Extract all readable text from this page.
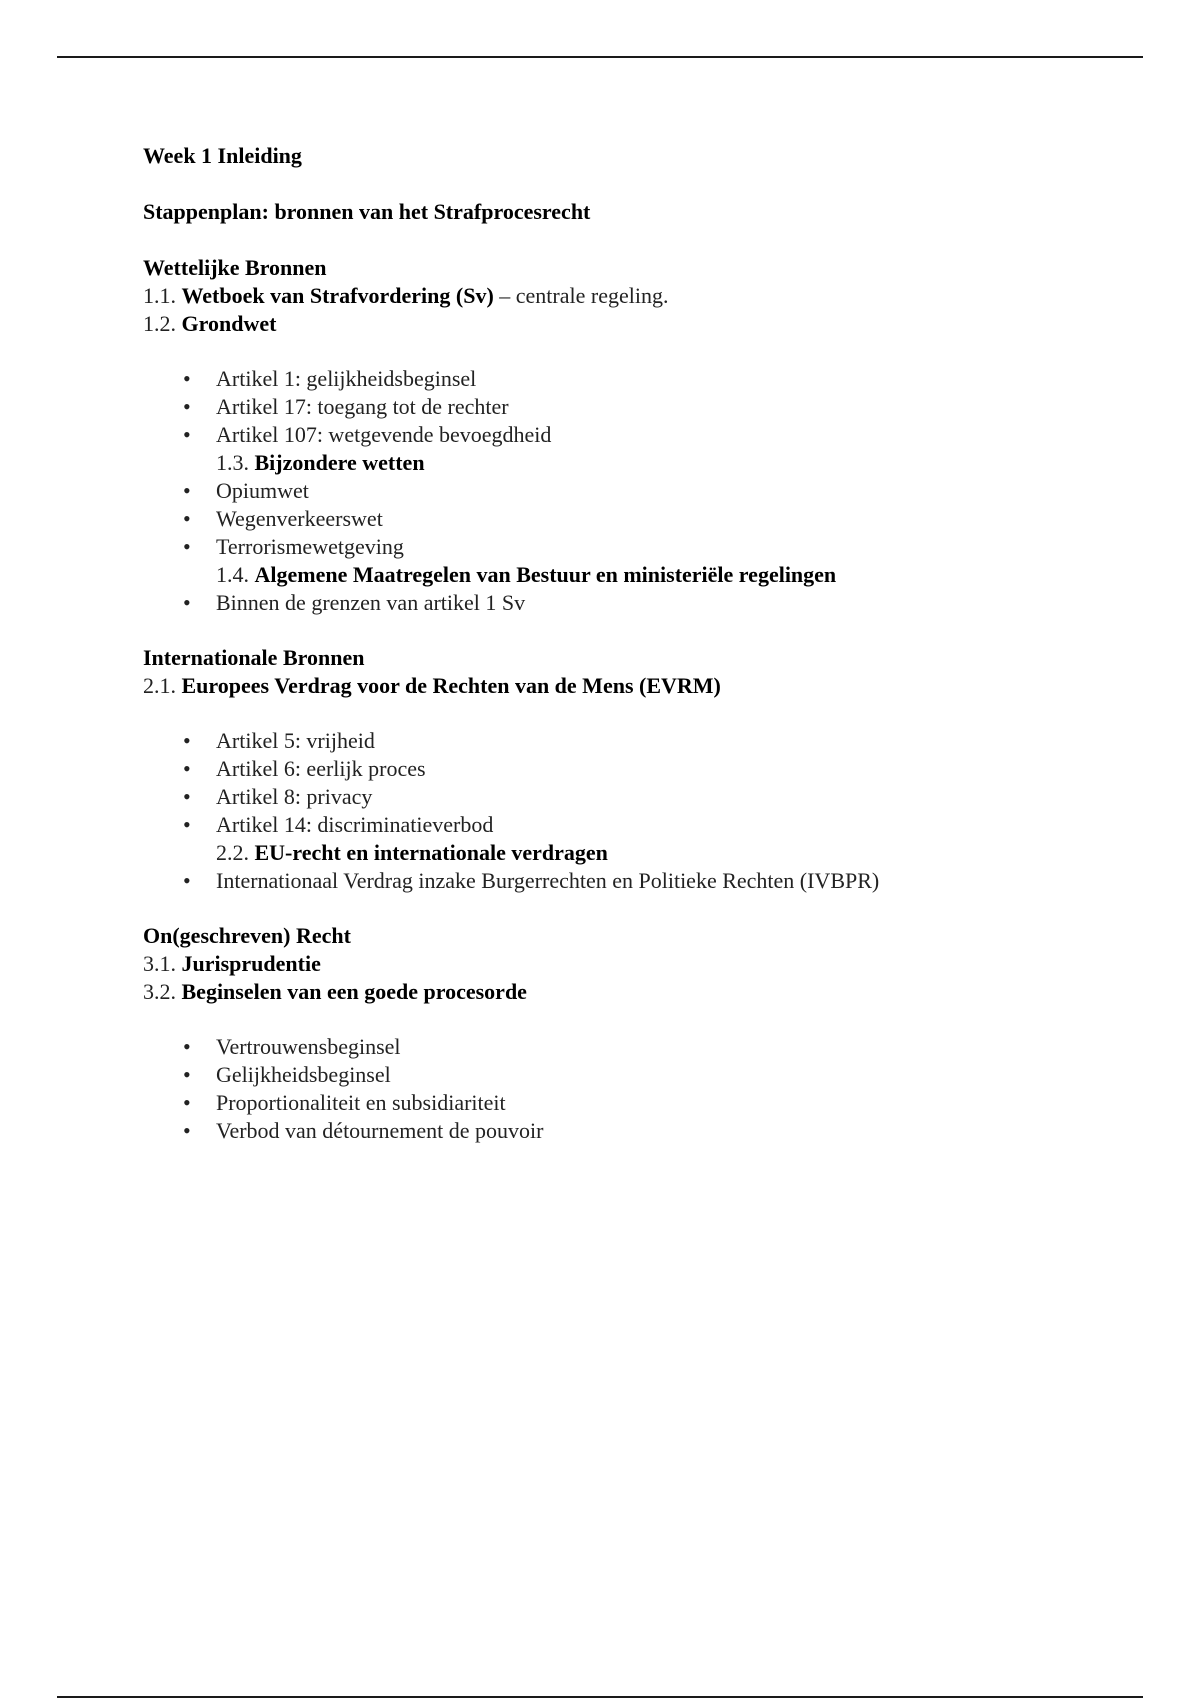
Week 1 Inleiding
Stappenplan: bronnen van het Strafprocesrecht
Wettelijke Bronnen
1.1. Wetboek van Strafvordering (Sv) – centrale regeling.
1.2. Grondwet
• Artikel 1: gelijkheidsbeginsel
• Artikel 17: toegang tot de rechter
• Artikel 107: wetgevende bevoegdheid
1.3. Bijzondere wetten
• Opiumwet
• Wegenverkeerswet
• Terrorismewetgeving
1.4. Algemene Maatregelen van Bestuur en ministeriële regelingen
• Binnen de grenzen van artikel 1 Sv
Internationale Bronnen
2.1. Europees Verdrag voor de Rechten van de Mens (EVRM)
• Artikel 5: vrijheid
• Artikel 6: eerlijk proces
• Artikel 8: privacy
• Artikel 14: discriminatieverbod
2.2. EU-recht en internationale verdragen
• Internationaal Verdrag inzake Burgerrechten en Politieke Rechten (IVBPR)
On(geschreven) Recht
3.1. Jurisprudentie
3.2. Beginselen van een goede procesorde
• Vertrouwensbeginsel
• Gelijkheidsbeginsel
• Proportionaliteit en subsidiariteit
• Verbod van détournement de pouvoir
